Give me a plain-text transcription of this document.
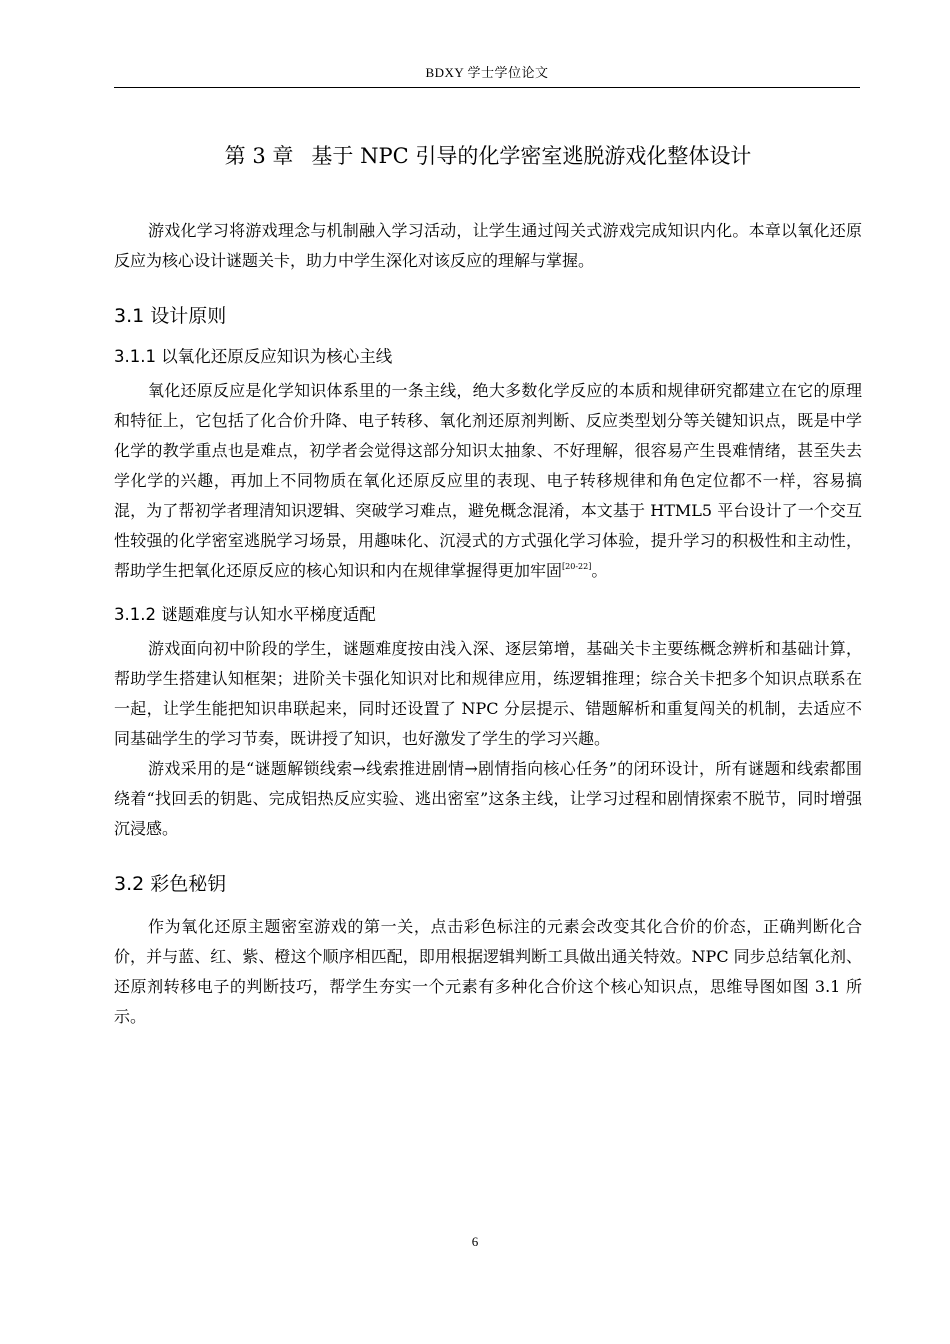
BDXY 学士学位论文
第 3 章 基于 NPC 引导的化学密室逃脱游戏化整体设计

游戏化学习将游戏理念与机制融入学习活动，让学生通过闯关式游戏完成知识内化。本章以氧化还原反应为核心设计谜题关卡，助力中学生深化对该反应的理解与掌握。

3.1 设计原则
3.1.1 以氧化还原反应知识为核心主线

氧化还原反应是化学知识体系里的一条主线，绝大多数化学反应的本质和规律研究都建立在它的原理和特征上，它包括了化合价升降、电子转移、氧化剂还原剂判断、反应类型划分等关键知识点，既是中学化学的教学重点也是难点，初学者会觉得这部分知识太抽象、不好理解，很容易产生畏难情绪，甚至失去学化学的兴趣，再加上不同物质在氧化还原反应里的表现、电子转移规律和角色定位都不一样，容易搞混，为了帮初学者理清知识逻辑、突破学习难点，避免概念混淆，本文基于 HTML5 平台设计了一个交互性较强的化学密室逃脱学习场景，用趣味化、沉浸式的方式强化学习体验，提升学习的积极性和主动性，帮助学生把氧化还原反应的核心知识和内在规律掌握得更加牢固[20-22]。

3.1.2 谜题难度与认知水平梯度适配

游戏面向初中阶段的学生，谜题难度按由浅入深、逐层第增，基础关卡主要练概念辨析和基础计算，帮助学生搭建认知框架；进阶关卡强化知识对比和规律应用，练逻辑推理；综合关卡把多个知识点联系在一起，让学生能把知识串联起来，同时还设置了 NPC 分层提示、错题解析和重复闯关的机制，去适应不同基础学生的学习节奏，既讲授了知识，也好激发了学生的学习兴趣。

游戏采用的是“谜题解锁线索→线索推进剧情→剧情指向核心任务”的闭环设计，所有谜题和线索都围绕着“找回丢的钥匙、完成铝热反应实验、逃出密室”这条主线，让学习过程和剧情探索不脱节，同时增强沉浸感。

3.2 彩色秘钥

作为氧化还原主题密室游戏的第一关，点击彩色标注的元素会改变其化合价的价态，正确判断化合价，并与蓝、红、紫、橙这个顺序相匹配，即用根据逻辑判断工具做出通关特效。NPC 同步总结氧化剂、还原剂转移电子的判断技巧，帮学生夯实一个元素有多种化合价这个核心知识点，思维导图如图 3.1 所示。

6
